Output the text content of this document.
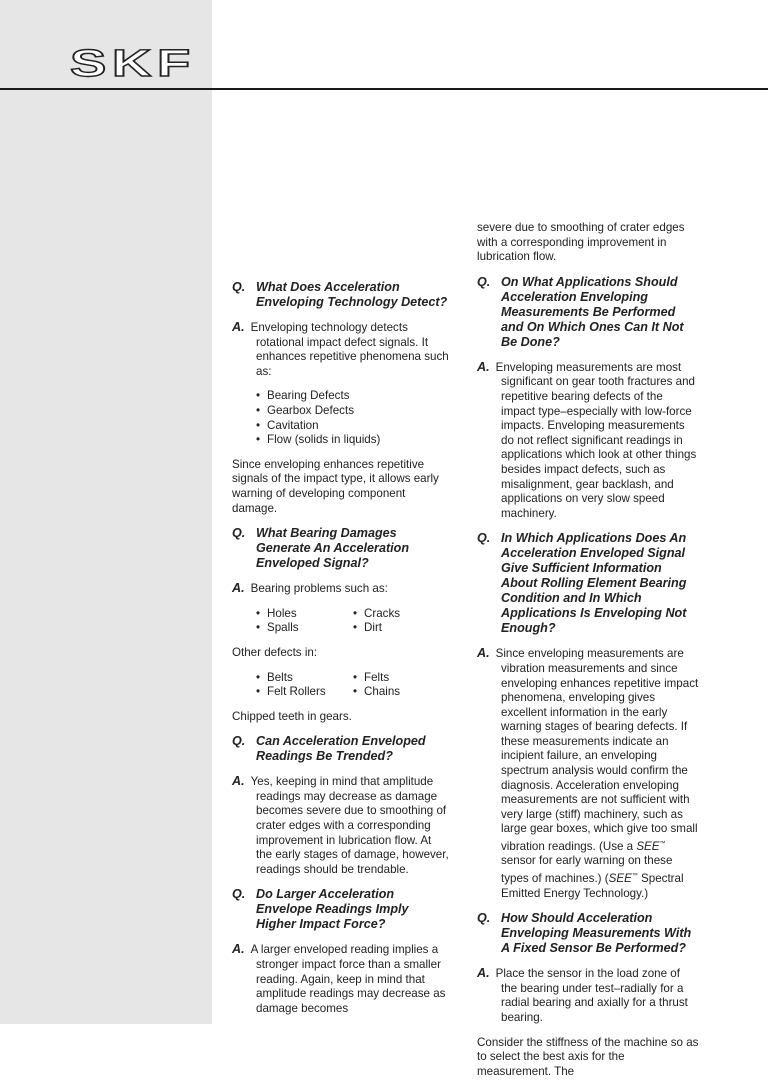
SKF
Q. What Does Acceleration Enveloping Technology Detect?
A. Enveloping technology detects rotational impact defect signals. It enhances repetitive phenomena such as:
• Bearing Defects
• Gearbox Defects
• Cavitation
• Flow (solids in liquids)

Since enveloping enhances repetitive signals of the impact type, it allows early warning of developing component damage.

Q. What Bearing Damages Generate An Acceleration Enveloped Signal?
A. Bearing problems such as:
• Holes	• Cracks
• Spalls	• Dirt

Other defects in:

• Belts	• Felts
• Felt Rollers	• Chains

Chipped teeth in gears.

Q. Can Acceleration Enveloped Readings Be Trended?
A. Yes, keeping in mind that amplitude readings may decrease as damage becomes severe due to smoothing of crater edges with a corresponding improvement in lubrication flow. At the early stages of damage, however, readings should be trendable.
Q. Do Larger Acceleration Envelope Readings Imply Higher Impact Force?
A. A larger enveloped reading implies a stronger impact force than a smaller reading. Again, keep in mind that amplitude readings may decrease as damage becomes

severe due to smoothing of crater edges with a corresponding improvement in lubrication flow.

Q. On What Applications Should Acceleration Enveloping Measurements Be Performed and On Which Ones Can It Not Be Done?
A. Enveloping measurements are most significant on gear tooth fractures and repetitive bearing defects of the impact type–especially with low-force impacts. Enveloping measurements do not reflect significant readings in applications which look at other things besides impact defects, such as misalignment, gear backlash, and applications on very slow speed machinery.
Q. In Which Applications Does An Acceleration Enveloped Signal Give Sufficient Information About Rolling Element Bearing Condition and In Which Applications Is Enveloping Not Enough?
A. Since enveloping measurements are vibration measurements and since enveloping enhances repetitive impact phenomena, enveloping gives excellent information in the early warning stages of bearing defects. If these measurements indicate an incipient failure, an enveloping spectrum analysis would confirm the diagnosis. Acceleration enveloping measurements are not sufficient with very large (stiff) machinery, such as large gear boxes, which give too small vibration readings. (Use a SEE™ sensor for early warning on these types of machines.) (SEE™ Spectral Emitted Energy Technology.)
Q. How Should Acceleration Enveloping Measurements With A Fixed Sensor Be Performed?
A. Place the sensor in the load zone of the bearing under test–radially for a radial bearing and axially for a thrust bearing.

Consider the stiffness of the machine so as to select the best axis for the measurement. The
